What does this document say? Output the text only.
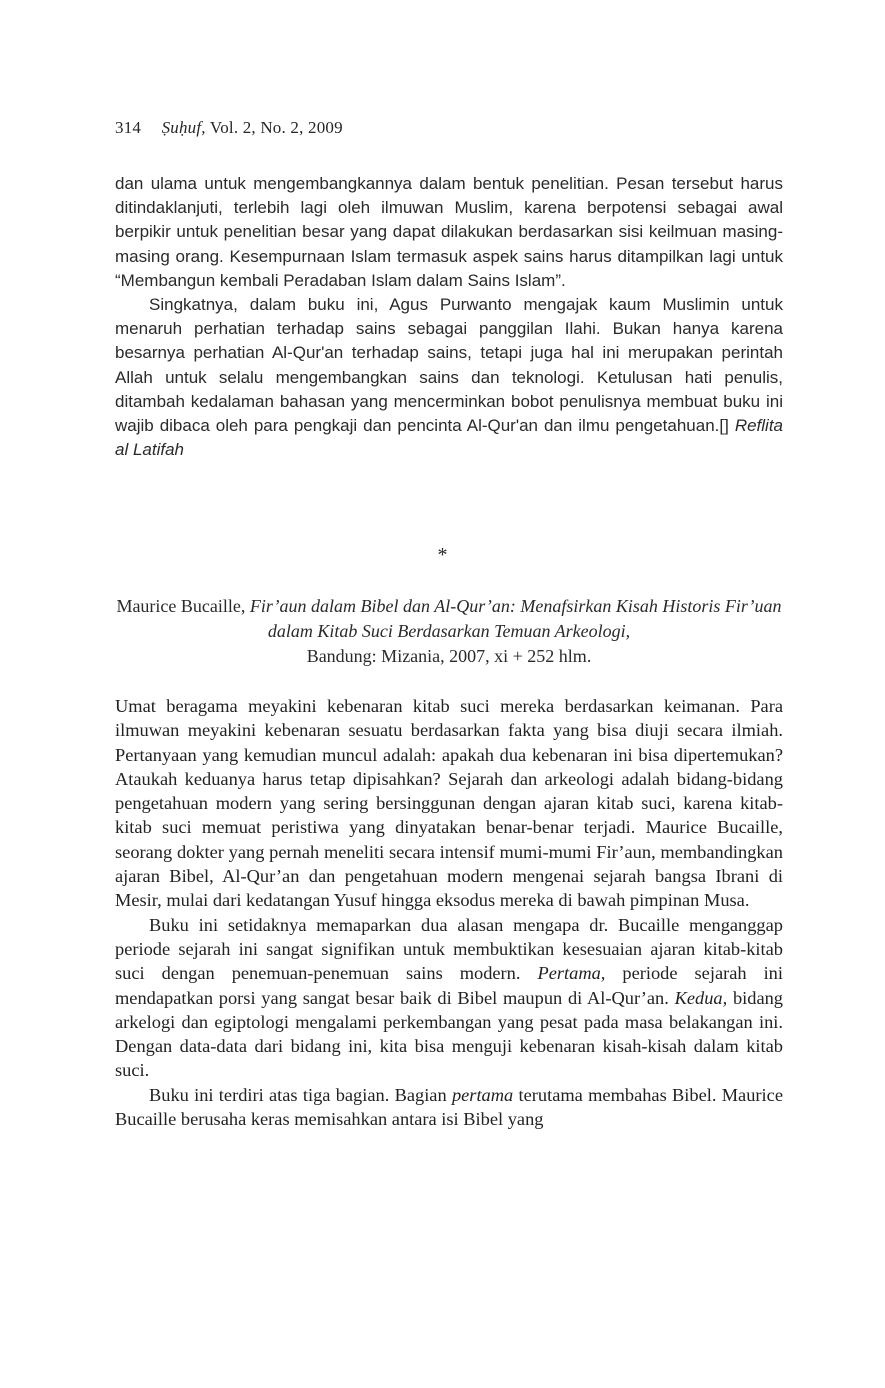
314 Ṣuḥuf, Vol. 2, No. 2, 2009

dan ulama untuk mengembangkannya dalam bentuk penelitian. Pesan tersebut harus ditindaklanjuti, terlebih lagi oleh ilmuwan Muslim, karena berpotensi sebagai awal berpikir untuk penelitian besar yang dapat dilakukan berdasarkan sisi keilmuan masing-masing orang. Kesempurnaan Islam termasuk aspek sains harus ditampilkan lagi untuk “Membangun kembali Peradaban Islam dalam Sains Islam”.

Singkatnya, dalam buku ini, Agus Purwanto mengajak kaum Muslimin untuk menaruh perhatian terhadap sains sebagai panggilan Ilahi. Bukan hanya karena besarnya perhatian Al-Qur'an terhadap sains, tetapi juga hal ini merupakan perintah Allah untuk selalu mengembangkan sains dan teknologi. Ketulusan hati penulis, ditambah kedalaman bahasan yang mencerminkan bobot penulisnya membuat buku ini wajib dibaca oleh para pengkaji dan pencinta Al-Qur'an dan ilmu pengetahuan.[] Reflita al Latifah

*
Maurice Bucaille, Fir’aun dalam Bibel dan Al-Qur’an: Menafsirkan Kisah Historis Fir’uan dalam Kitab Suci Berdasarkan Temuan Arkeologi,
Bandung: Mizania, 2007, xi + 252 hlm.

Umat beragama meyakini kebenaran kitab suci mereka berdasarkan keimanan. Para ilmuwan meyakini kebenaran sesuatu berdasarkan fakta yang bisa diuji secara ilmiah. Pertanyaan yang kemudian muncul adalah: apakah dua kebenaran ini bisa dipertemukan? Ataukah keduanya harus tetap dipisahkan? Sejarah dan arkeologi adalah bidang-bidang pengetahuan modern yang sering bersinggunan dengan ajaran kitab suci, karena kitab-kitab suci memuat peristiwa yang dinyatakan benar-benar terjadi. Maurice Bucaille, seorang dokter yang pernah meneliti secara intensif mumi-mumi Fir’aun, membandingkan ajaran Bibel, Al-Qur’an dan pengetahuan modern mengenai sejarah bangsa Ibrani di Mesir, mulai dari kedatangan Yusuf hingga eksodus mereka di bawah pimpinan Musa.

Buku ini setidaknya memaparkan dua alasan mengapa dr. Bucaille menganggap periode sejarah ini sangat signifikan untuk membuktikan kesesuaian ajaran kitab-kitab suci dengan penemuan-penemuan sains modern. Pertama, periode sejarah ini mendapatkan porsi yang sangat besar baik di Bibel maupun di Al-Qur’an. Kedua, bidang arkelogi dan egiptologi mengalami perkembangan yang pesat pada masa belakangan ini. Dengan data-data dari bidang ini, kita bisa menguji kebenaran kisah-kisah dalam kitab suci.

Buku ini terdiri atas tiga bagian. Bagian pertama terutama membahas Bibel. Maurice Bucaille berusaha keras memisahkan antara isi Bibel yang
